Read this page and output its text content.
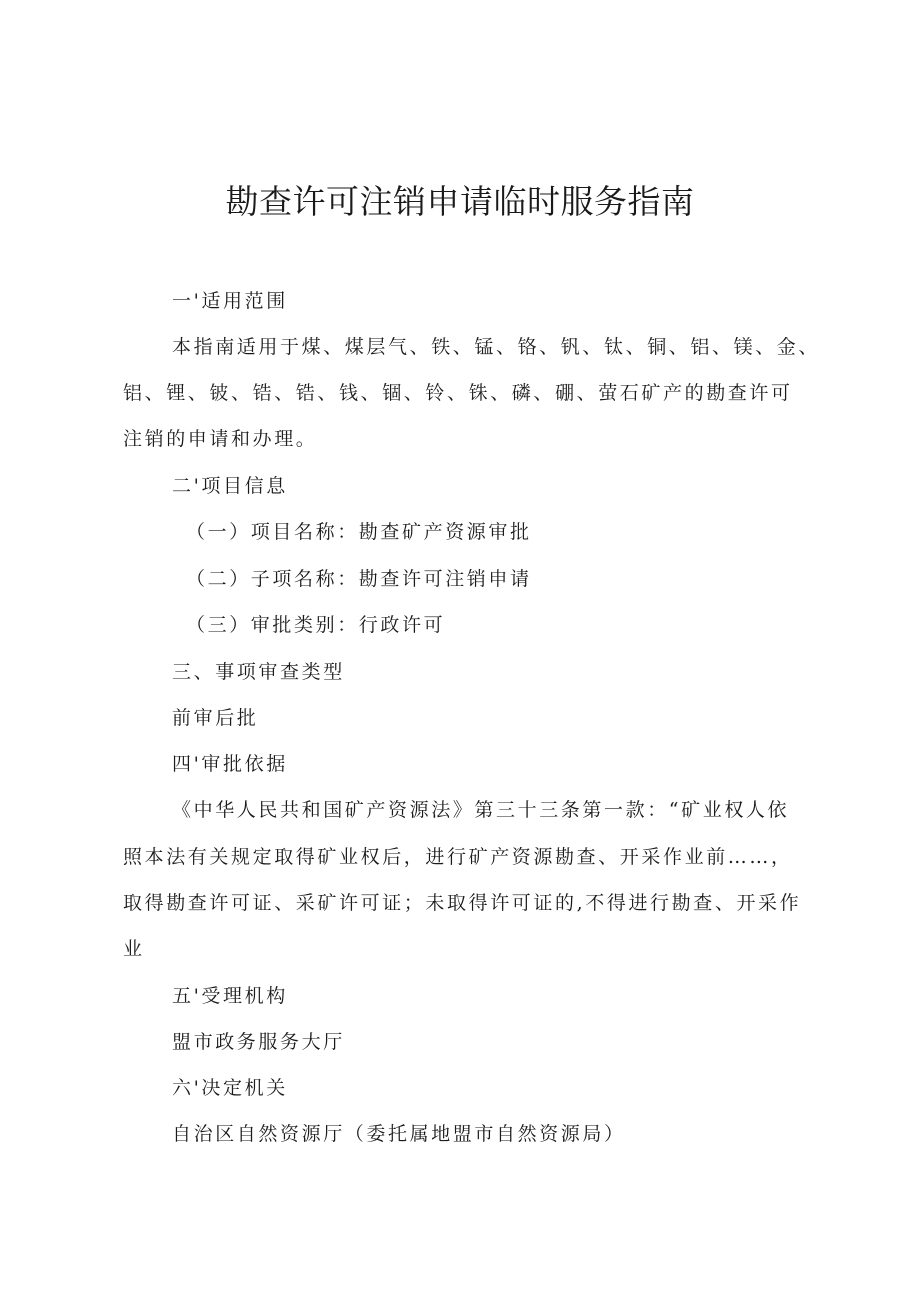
勘查许可注销申请临时服务指南

一'适用范围

本指南适用于煤、煤层气、铁、锰、铬、钒、钛、铜、铝、镁、金、

铝、锂、铍、锆、锆、钱、锢、铃、铢、磷、硼、萤石矿产的勘查许可

注销的申请和办理。

二'项目信息

（一）项目名称：勘查矿产资源审批

（二）子项名称：勘查许可注销申请

（三）审批类别：行政许可

三、事项审查类型

前审后批

四'审批依据

《中华人民共和国矿产资源法》第三十三条第一款：“矿业权人依

照本法有关规定取得矿业权后，进行矿产资源勘查、开采作业前……，

取得勘查许可证、采矿许可证；未取得许可证的,不得进行勘查、开采作

业

五'受理机构

盟市政务服务大厅

六'决定机关

自治区自然资源厅（委托属地盟市自然资源局）
